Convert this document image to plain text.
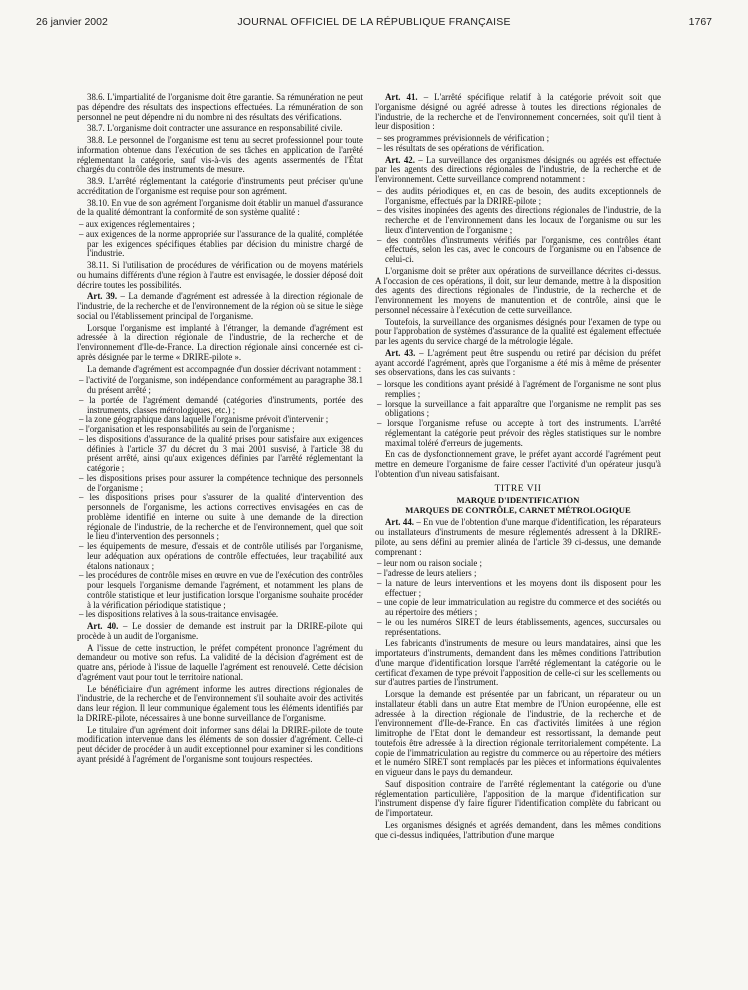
26 janvier 2002	JOURNAL OFFICIEL DE LA RÉPUBLIQUE FRANÇAISE	1767

38.6. L'impartialité de l'organisme doit être garantie. Sa rémunération ne peut pas dépendre des résultats des inspections effectuées. La rémunération de son personnel ne peut dépendre ni du nombre ni des résultats des vérifications.

38.7. L'organisme doit contracter une assurance en responsabilité civile.

38.8. Le personnel de l'organisme est tenu au secret professionnel pour toute information obtenue dans l'exécution de ses tâches en application de l'arrêté réglementant la catégorie, sauf vis-à-vis des agents assermentés de l'État chargés du contrôle des instruments de mesure.

38.9. L'arrêté réglementant la catégorie d'instruments peut préciser qu'une accréditation de l'organisme est requise pour son agrément.

38.10. En vue de son agrément l'organisme doit établir un manuel d'assurance de la qualité démontrant la conformité de son système qualité :

– aux exigences réglementaires ;
– aux exigences de la norme appropriée sur l'assurance de la qualité, complétée par les exigences spécifiques établies par décision du ministre chargé de l'industrie.

38.11. Si l'utilisation de procédures de vérification ou de moyens matériels ou humains différents d'une région à l'autre est envisagée, le dossier déposé doit décrire toutes les possibilités.

Art. 39. – La demande d'agrément est adressée à la direction régionale de l'industrie, de la recherche et de l'environnement de la région où se situe le siège social ou l'établissement principal de l'organisme.

Lorsque l'organisme est implanté à l'étranger, la demande d'agrément est adressée à la direction régionale de l'industrie, de la recherche et de l'environnement d'Ile-de-France. La direction régionale ainsi concernée est ci-après désignée par le terme « DRIRE-pilote ».

La demande d'agrément est accompagnée d'un dossier décrivant notamment :

– l'activité de l'organisme, son indépendance conformément au paragraphe 38.1 du présent arrêté ;
– la portée de l'agrément demandé (catégories d'instruments, portée des instruments, classes métrologiques, etc.) ;
– la zone géographique dans laquelle l'organisme prévoit d'intervenir ;
– l'organisation et les responsabilités au sein de l'organisme ;
– les dispositions d'assurance de la qualité prises pour satisfaire aux exigences définies à l'article 37 du décret du 3 mai 2001 susvisé, à l'article 38 du présent arrêté, ainsi qu'aux exigences définies par l'arrêté réglementant la catégorie ;
– les dispositions prises pour assurer la compétence technique des personnels de l'organisme ;
– les dispositions prises pour s'assurer de la qualité d'intervention des personnels de l'organisme, les actions correctives envisagées en cas de problème identifié en interne ou suite à une demande de la direction régionale de l'industrie, de la recherche et de l'environnement, quel que soit le lieu d'intervention des personnels ;
– les équipements de mesure, d'essais et de contrôle utilisés par l'organisme, leur adéquation aux opérations de contrôle effectuées, leur traçabilité aux étalons nationaux ;
– les procédures de contrôle mises en œuvre en vue de l'exécution des contrôles pour lesquels l'organisme demande l'agrément, et notamment les plans de contrôle statistique et leur justification lorsque l'organisme souhaite procéder à la vérification périodique statistique ;
– les dispositions relatives à la sous-traitance envisagée.

Art. 40. – Le dossier de demande est instruit par la DRIRE-pilote qui procède à un audit de l'organisme.

A l'issue de cette instruction, le préfet compétent prononce l'agrément du demandeur ou motive son refus. La validité de la décision d'agrément est de quatre ans, période à l'issue de laquelle l'agrément est renouvelé. Cette décision d'agrément vaut pour tout le territoire national.

Le bénéficiaire d'un agrément informe les autres directions régionales de l'industrie, de la recherche et de l'environnement s'il souhaite avoir des activités dans leur région. Il leur communique également tous les éléments identifiés par la DRIRE-pilote, nécessaires à une bonne surveillance de l'organisme.

Le titulaire d'un agrément doit informer sans délai la DRIRE-pilote de toute modification intervenue dans les éléments de son dossier d'agrément. Celle-ci peut décider de procéder à un audit exceptionnel pour examiner si les conditions ayant présidé à l'agrément de l'organisme sont toujours respectées.

Art. 41. – L'arrêté spécifique relatif à la catégorie prévoit soit que l'organisme désigné ou agréé adresse à toutes les directions régionales de l'industrie, de la recherche et de l'environnement concernées, soit qu'il tient à leur disposition :

– ses programmes prévisionnels de vérification ;
– les résultats de ses opérations de vérification.

Art. 42. – La surveillance des organismes désignés ou agréés est effectuée par les agents des directions régionales de l'industrie, de la recherche et de l'environnement. Cette surveillance comprend notamment :

– des audits périodiques et, en cas de besoin, des audits exceptionnels de l'organisme, effectués par la DRIRE-pilote ;
– des visites inopinées des agents des directions régionales de l'industrie, de la recherche et de l'environnement dans les locaux de l'organisme ou sur les lieux d'intervention de l'organisme ;
– des contrôles d'instruments vérifiés par l'organisme, ces contrôles étant effectués, selon les cas, avec le concours de l'organisme ou en l'absence de celui-ci.

L'organisme doit se prêter aux opérations de surveillance décrites ci-dessus. A l'occasion de ces opérations, il doit, sur leur demande, mettre à la disposition des agents des directions régionales de l'industrie, de la recherche et de l'environnement les moyens de manutention et de contrôle, ainsi que le personnel nécessaire à l'exécution de cette surveillance.

Toutefois, la surveillance des organismes désignés pour l'examen de type ou pour l'approbation de systèmes d'assurance de la qualité est également effectuée par les agents du service chargé de la métrologie légale.

Art. 43. – L'agrément peut être suspendu ou retiré par décision du préfet ayant accordé l'agrément, après que l'organisme a été mis à même de présenter ses observations, dans les cas suivants :

– lorsque les conditions ayant présidé à l'agrément de l'organisme ne sont plus remplies ;
– lorsque la surveillance a fait apparaître que l'organisme ne remplit pas ses obligations ;
– lorsque l'organisme refuse ou accepte à tort des instruments. L'arrêté réglementant la catégorie peut prévoir des règles statistiques sur le nombre maximal toléré d'erreurs de jugements.

En cas de dysfonctionnement grave, le préfet ayant accordé l'agrément peut mettre en demeure l'organisme de faire cesser l'activité d'un opérateur jusqu'à l'obtention d'un niveau satisfaisant.

TITRE VII
MARQUE D'IDENTIFICATION
MARQUES DE CONTRÔLE, CARNET MÉTROLOGIQUE

Art. 44. – En vue de l'obtention d'une marque d'identification, les réparateurs ou installateurs d'instruments de mesure réglementés adressent à la DRIRE-pilote, au sens défini au premier alinéa de l'article 39 ci-dessus, une demande comprenant :

– leur nom ou raison sociale ;
– l'adresse de leurs ateliers ;
– la nature de leurs interventions et les moyens dont ils disposent pour les effectuer ;
– une copie de leur immatriculation au registre du commerce et des sociétés ou au répertoire des métiers ;
– le ou les numéros SIRET de leurs établissements, agences, succursales ou représentations.

Les fabricants d'instruments de mesure ou leurs mandataires, ainsi que les importateurs d'instruments, demandent dans les mêmes conditions l'attribution d'une marque d'identification lorsque l'arrêté réglementant la catégorie ou le certificat d'examen de type prévoit l'apposition de celle-ci sur les scellements ou sur d'autres parties de l'instrument.

Lorsque la demande est présentée par un fabricant, un réparateur ou un installateur établi dans un autre Etat membre de l'Union européenne, elle est adressée à la direction régionale de l'industrie, de la recherche et de l'environnement d'Ile-de-France. En cas d'activités limitées à une région limitrophe de l'Etat dont le demandeur est ressortissant, la demande peut toutefois être adressée à la direction régionale territorialement compétente. La copie de l'immatriculation au registre du commerce ou au répertoire des métiers et le numéro SIRET sont remplacés par les pièces et informations équivalentes en vigueur dans le pays du demandeur.

Sauf disposition contraire de l'arrêté réglementant la catégorie ou d'une réglementation particulière, l'apposition de la marque d'identification sur l'instrument dispense d'y faire figurer l'identification complète du fabricant ou de l'importateur.

Les organismes désignés et agréés demandent, dans les mêmes conditions que ci-dessus indiquées, l'attribution d'une marque
